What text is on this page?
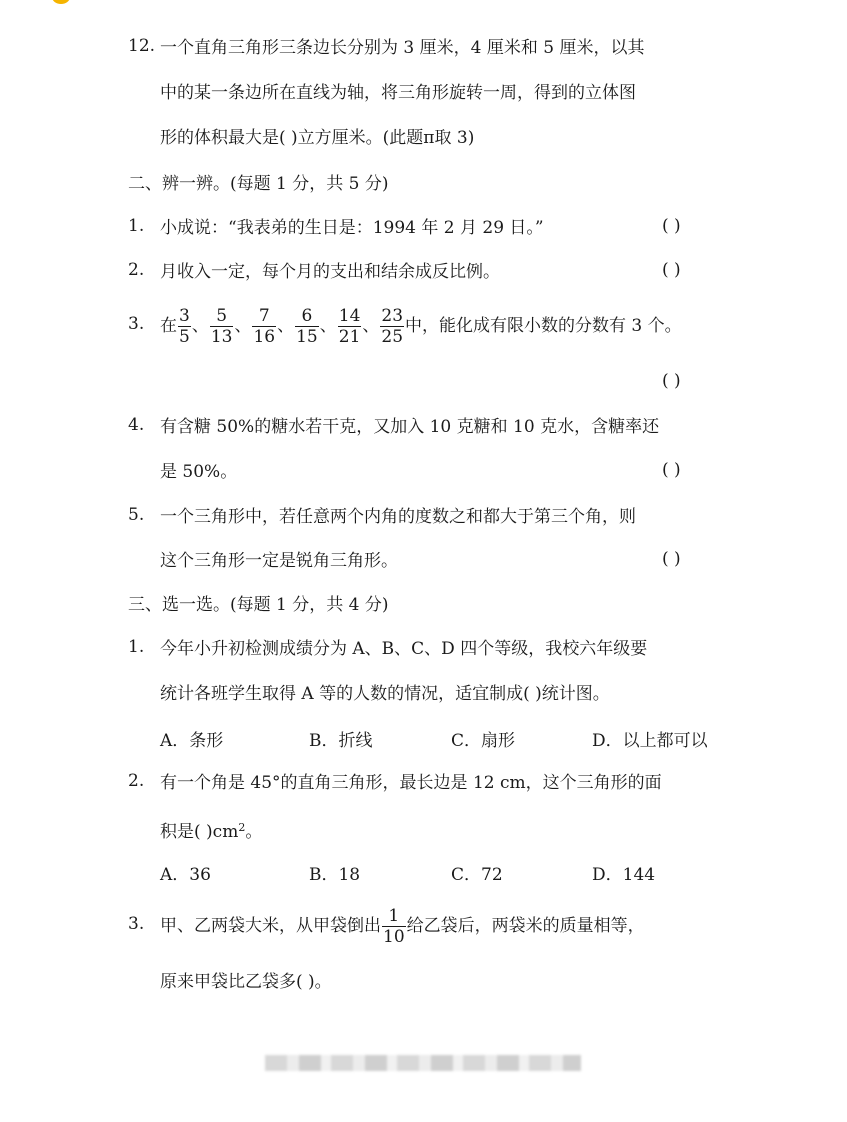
12. 一个直角三角形三条边长分别为 3 厘米，4 厘米和 5 厘米，以其
中的某一条边所在直线为轴，将三角形旋转一周，得到的立体图
形的体积最大是( )立方厘米。(此题π取 3)
二、辨一辨。(每题 1 分，共 5 分)
1. 小成说：“我表弟的生日是：1994 年 2 月 29 日。”	( )
2. 月收入一定，每个月的支出和结余成反比例。	( )
3. 在 $\frac{3}{5}$ 、 $\frac{5}{13}$ 、 $\frac{7}{16}$ 、 $\frac{6}{15}$ 、 $\frac{14}{21}$ 、 $\frac{23}{25}$ 中，能化成有限小数的分数有 3 个。
( )
4. 有含糖 50%的糖水若干克，又加入 10 克糖和 10 克水，含糖率还
是 50%。	( )
5. 一个三角形中，若任意两个内角的度数之和都大于第三个角，则
这个三角形一定是锐角三角形。	( )
三、选一选。(每题 1 分，共 4 分)
1. 今年小升初检测成绩分为 A、B、C、D 四个等级，我校六年级要
统计各班学生取得 A 等的人数的情况，适宜制成( )统计图。
A．条形	B．折线	C．扇形	D．以上都可以
2. 有一个角是 45°的直角三角形，最长边是 12 cm，这个三角形的面
积是( )$cm^2$。
A．36	B．18	C．72	D．144
3. 甲、乙两袋大米，从甲袋倒出 $\frac{1}{10}$ 给乙袋后，两袋米的质量相等，
原来甲袋比乙袋多( )。
